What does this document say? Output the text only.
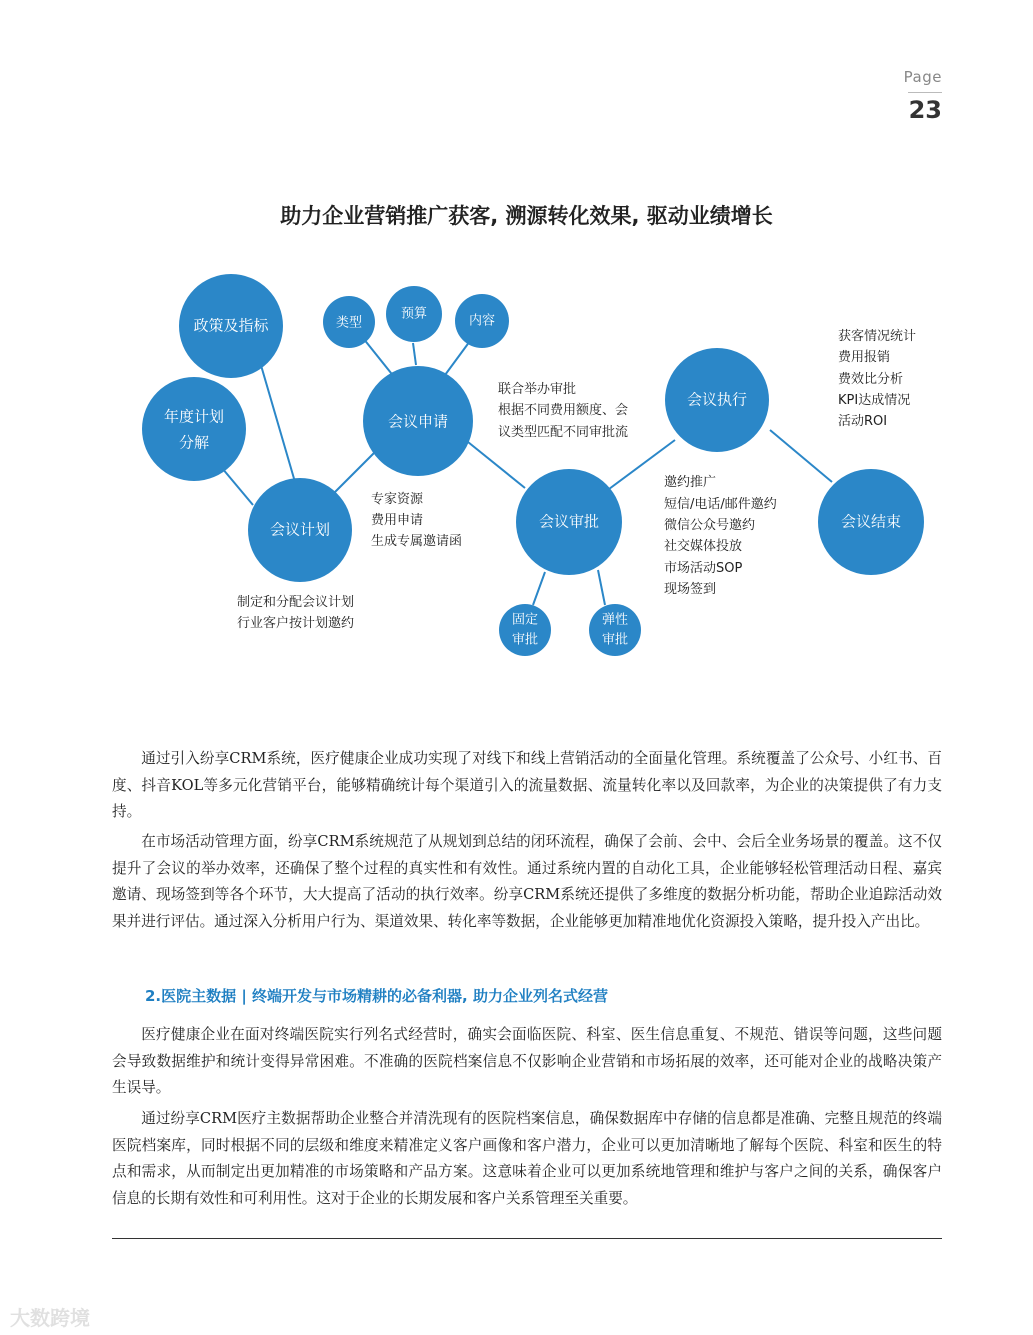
Page
23
助力企业营销推广获客, 溯源转化效果, 驱动业绩增长
政策及指标
年度计划
分解
会议计划
会议申请
类型
预算	内容
会议审批
固定
审批
弹性
审批
会议执行
会议结束
制定和分配会议计划
行业客户按计划邀约
专家资源
费用申请
生成专属邀请函
联合举办审批
根据不同费用额度、会
议类型匹配不同审批流
邀约推广
短信/电话/邮件邀约
微信公众号邀约
社交媒体投放
市场活动SOP
现场签到
获客情况统计
费用报销
费效比分析
KPI达成情况
活动ROI

通过引入纷享CRM系统，医疗健康企业成功实现了对线下和线上营销活动的全面量化管理。系统覆盖了公众号、小红书、百度、抖音KOL等多元化营销平台，能够精确统计每个渠道引入的流量数据、流量转化率以及回款率，为企业的决策提供了有力支持。

在市场活动管理方面，纷享CRM系统规范了从规划到总结的闭环流程，确保了会前、会中、会后全业务场景的覆盖。这不仅提升了会议的举办效率，还确保了整个过程的真实性和有效性。通过系统内置的自动化工具，企业能够轻松管理活动日程、嘉宾邀请、现场签到等各个环节，大大提高了活动的执行效率。纷享CRM系统还提供了多维度的数据分析功能，帮助企业追踪活动效果并进行评估。通过深入分析用户行为、渠道效果、转化率等数据，企业能够更加精准地优化资源投入策略，提升投入产出比。

2.医院主数据 | 终端开发与市场精耕的必备利器, 助力企业列名式经营

医疗健康企业在面对终端医院实行列名式经营时，确实会面临医院、科室、医生信息重复、不规范、错误等问题，这些问题会导致数据维护和统计变得异常困难。不准确的医院档案信息不仅影响企业营销和市场拓展的效率，还可能对企业的战略决策产生误导。

通过纷享CRM医疗主数据帮助企业整合并清洗现有的医院档案信息，确保数据库中存储的信息都是准确、完整且规范的终端医院档案库，同时根据不同的层级和维度来精准定义客户画像和客户潜力，企业可以更加清晰地了解每个医院、科室和医生的特点和需求，从而制定出更加精准的市场策略和产品方案。这意味着企业可以更加系统地管理和维护与客户之间的关系，确保客户信息的长期有效性和可利用性。这对于企业的长期发展和客户关系管理至关重要。

大数跨境
